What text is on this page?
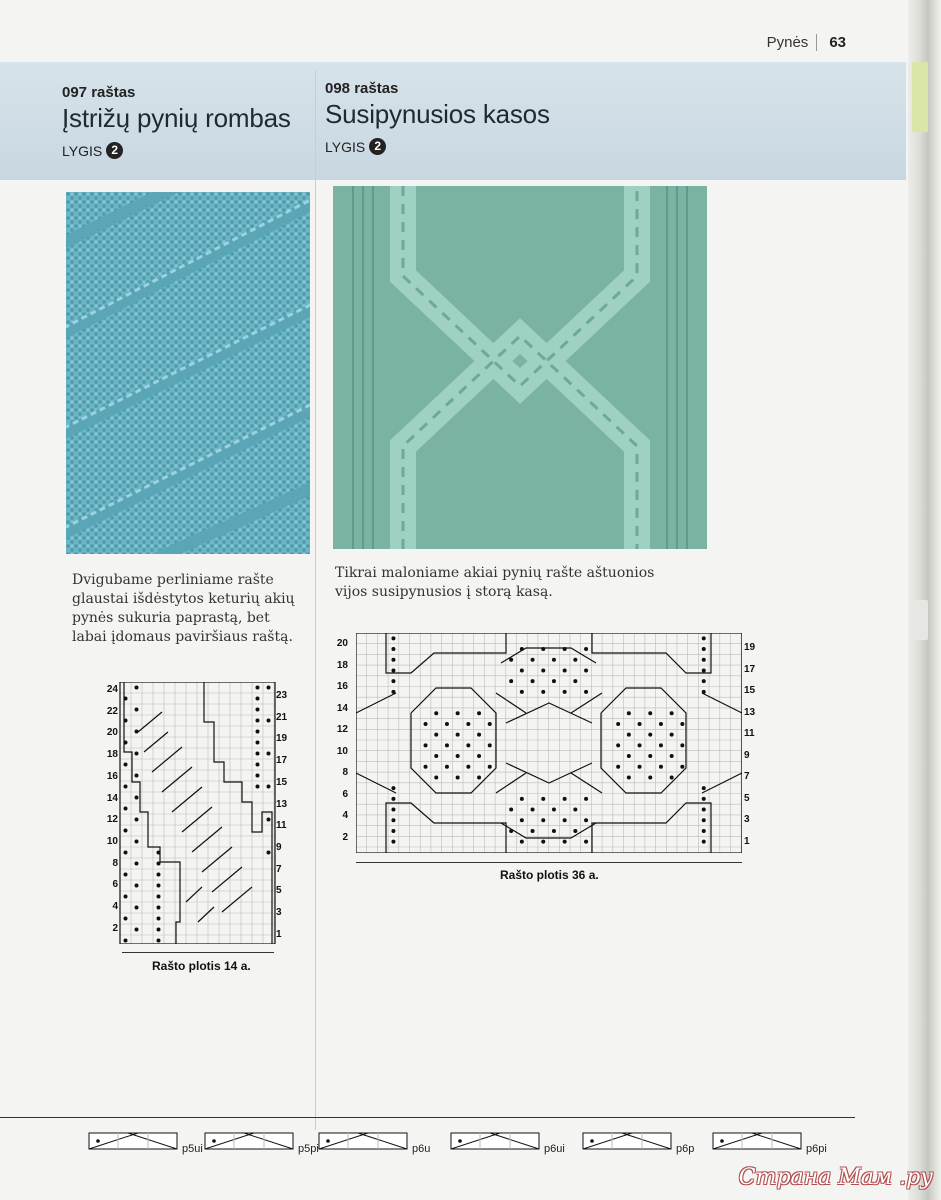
Pynės	63
097 raštas
Įstrižų pynių rombas
LYGIS 2
098 raštas
Susipynusios kasos
LYGIS 2
Dvigubame perliniame rašte glaustai išdėstytos keturių akių pynės sukuria paprastą, bet labai įdomaus paviršiaus raštą.
Tikrai maloniame akiai pynių rašte aštuonios vijos susipynusios į storą kasą.
24
22
20
18
16
14
12
10
8
6
4
2
23
21
19
17
15
13
11
9
7
5
3
1
Rašto plotis 14 a.
20
18
16
14
12
10
8
6
4
2
19
17
15
13
11
9
7
5
3
1
Rašto plotis 36 a.
p5ui	p5pi	p6u	p6ui	p6p	p6pi
Страна Мам .ру
